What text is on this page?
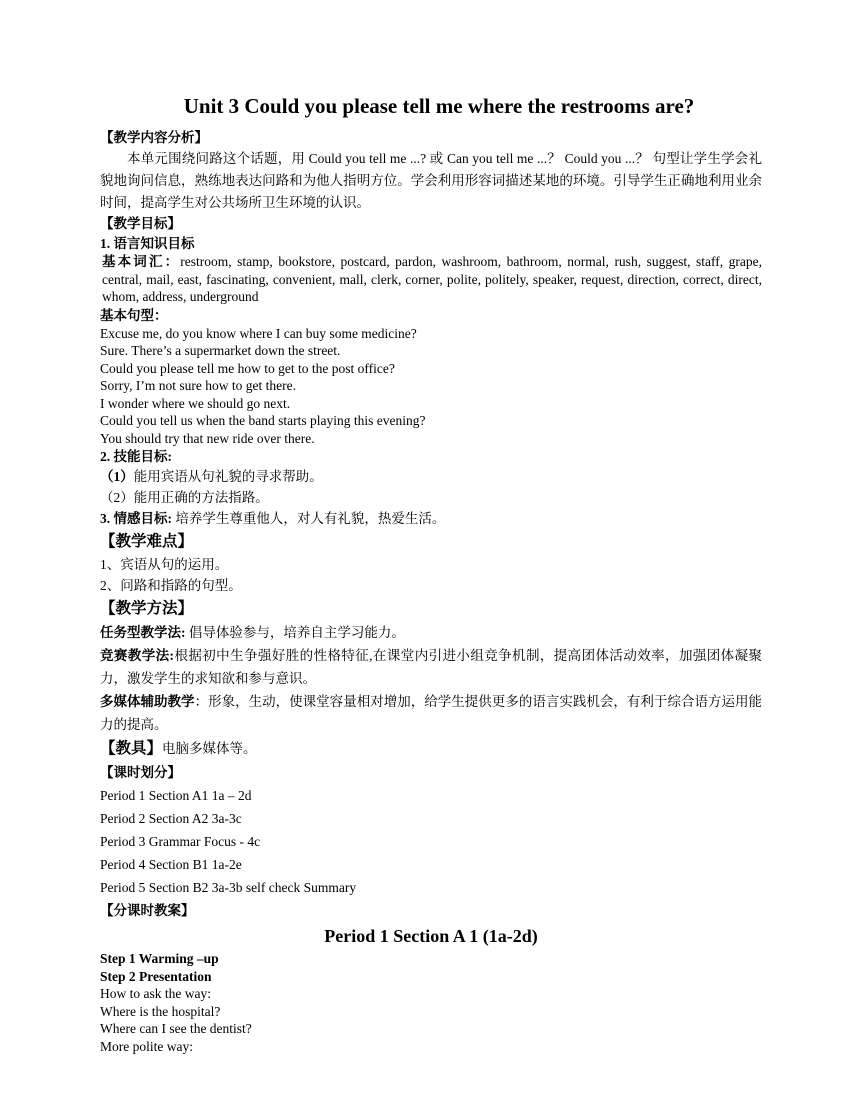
Unit 3 Could you please tell me where the restrooms are?
【教学内容分析】
本单元围绕问路这个话题，用 Could you tell me ...? 或 Can you tell me ...？ Could you ...？ 句型让学生学会礼貌地询问信息，熟练地表达问路和为他人指明方位。学会利用形容词描述某地的环境。引导学生正确地利用业余时间，提高学生对公共场所卫生环境的认识。
【教学目标】
1. 语言知识目标
基本词汇：restroom, stamp, bookstore, postcard, pardon, washroom, bathroom, normal, rush, suggest, staff, grape, central, mail, east, fascinating, convenient, mall, clerk, corner, polite, politely, speaker, request, direction, correct, direct, whom, address, underground
基本句型：
Excuse me, do you know where I can buy some medicine?
Sure. There’s a supermarket down the street.
Could you please tell me how to get to the post office?
Sorry, I’m not sure how to get there.
I wonder where we should go next.
Could you tell us when the band starts playing this evening?
You should try that new ride over there.
2. 技能目标:
（1）能用宾语从句礼貌的寻求帮助。
（2）能用正确的方法指路。
3. 情感目标: 培养学生尊重他人，对人有礼貌，热爱生活。
【教学难点】
1、宾语从句的运用。
2、问路和指路的句型。
【教学方法】
任务型教学法: 倡导体验参与，培养自主学习能力。
竞赛教学法:根据初中生争强好胜的性格特征,在课堂内引进小组竞争机制，提高团体活动效率，加强团体凝聚力，激发学生的求知欲和参与意识。
多媒体辅助教学：形象，生动，使课堂容量相对增加，给学生提供更多的语言实践机会，有利于综合语方运用能力的提高。
【教具】电脑多媒体等。
【课时划分】
Period 1 Section A1 1a – 2d
Period 2 Section A2 3a-3c
Period 3 Grammar Focus - 4c
Period 4 Section B1 1a-2e
Period 5 Section B2 3a-3b self check Summary
【分课时教案】
Period 1 Section A 1 (1a-2d)
Step 1 Warming –up
Step 2 Presentation
How to ask the way:
Where is the hospital?
Where can I see the dentist?
More polite way:
